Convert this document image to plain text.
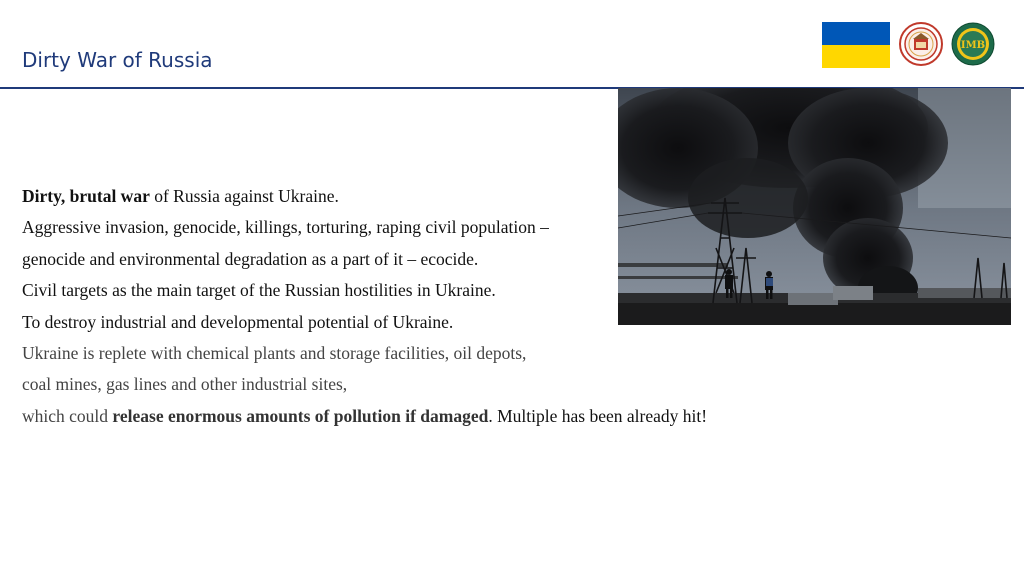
Dirty War of Russia
IMB

Dirty, brutal war of Russia against Ukraine.

Aggressive invasion, genocide, killings, torturing, raping civil population –

genocide and environmental degradation as a part of it – ecocide.

Civil targets as the main target of the Russian hostilities in Ukraine.

To destroy industrial and developmental potential of Ukraine.

Ukraine is replete with chemical plants and storage facilities, oil depots,

coal mines, gas lines and other industrial sites,

which could release enormous amounts of pollution if damaged. Multiple has been already hit!
